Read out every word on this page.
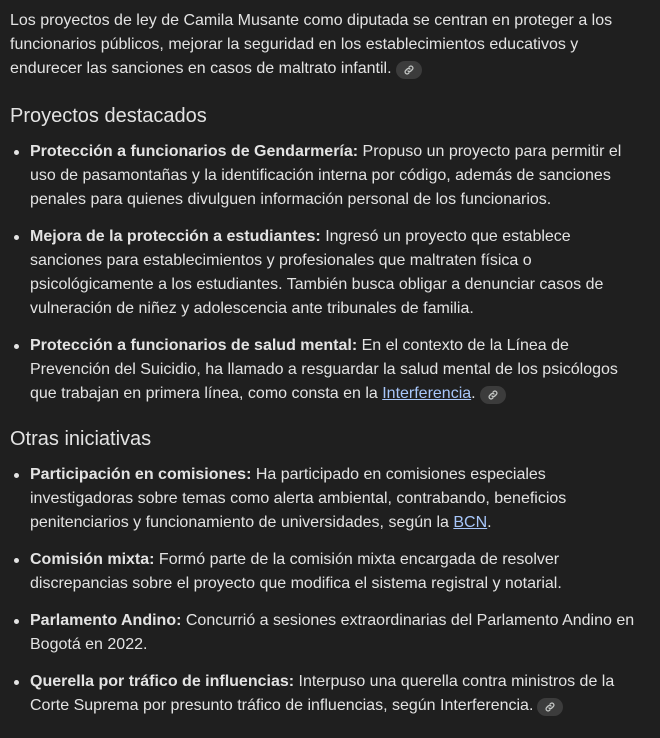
Los proyectos de ley de Camila Musante como diputada se centran en proteger a los funcionarios públicos, mejorar la seguridad en los establecimientos educativos y endurecer las sanciones en casos de maltrato infantil.

Proyectos destacados
Protección a funcionarios de Gendarmería: Propuso un proyecto para permitir el uso de pasamontañas y la identificación interna por código, además de sanciones penales para quienes divulguen información personal de los funcionarios.
Mejora de la protección a estudiantes: Ingresó un proyecto que establece sanciones para establecimientos y profesionales que maltraten física o psicológicamente a los estudiantes. También busca obligar a denunciar casos de vulneración de niñez y adolescencia ante tribunales de familia.
Protección a funcionarios de salud mental: En el contexto de la Línea de Prevención del Suicidio, ha llamado a resguardar la salud mental de los psicólogos que trabajan en primera línea, como consta en la Interferencia.
Otras iniciativas
Participación en comisiones: Ha participado en comisiones especiales investigadoras sobre temas como alerta ambiental, contrabando, beneficios penitenciarios y funcionamiento de universidades, según la BCN.
Comisión mixta: Formó parte de la comisión mixta encargada de resolver discrepancias sobre el proyecto que modifica el sistema registral y notarial.
Parlamento Andino: Concurrió a sesiones extraordinarias del Parlamento Andino en Bogotá en 2022.
Querella por tráfico de influencias: Interpuso una querella contra ministros de la Corte Suprema por presunto tráfico de influencias, según Interferencia.
